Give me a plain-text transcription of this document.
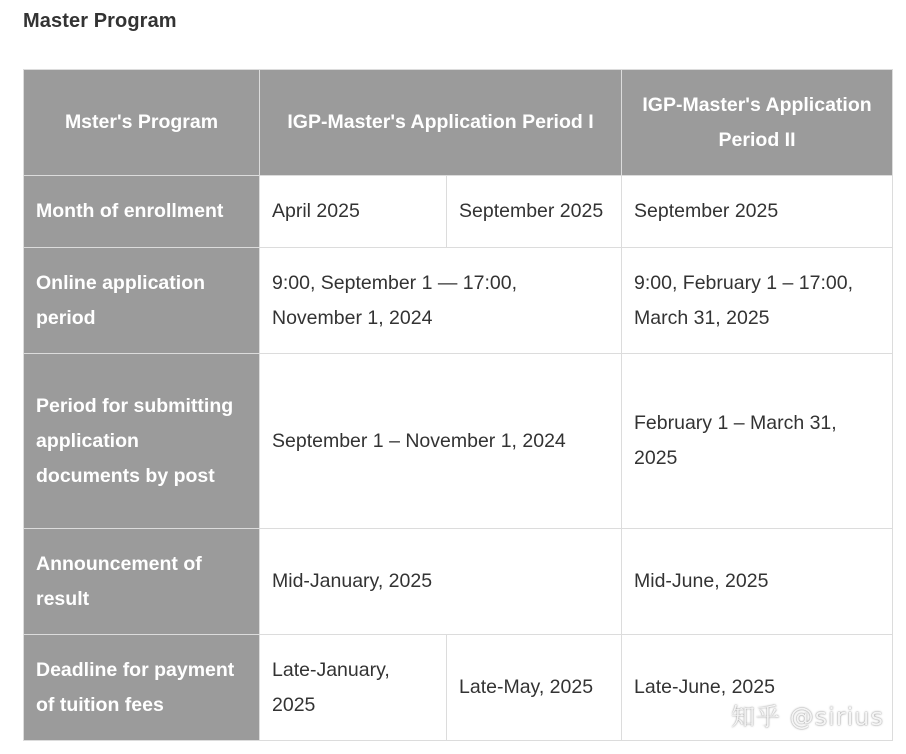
Master Program
Mster's Program	IGP-Master's Application Period I		IGP-Master's Application Period II
Month of enrollment	April 2025	September 2025	September 2025
Online application period	9:00, September 1 — 17:00, November 1, 2024		9:00, February 1 – 17:00, March 31, 2025
Period for submitting application documents by post	September 1 – November 1, 2024		February 1 – March 31, 2025
Announcement of result	Mid-January, 2025		Mid-June, 2025
Deadline for payment of tuition fees	Late-January, 2025	Late-May, 2025	Late-June, 2025
知乎 @sirius
